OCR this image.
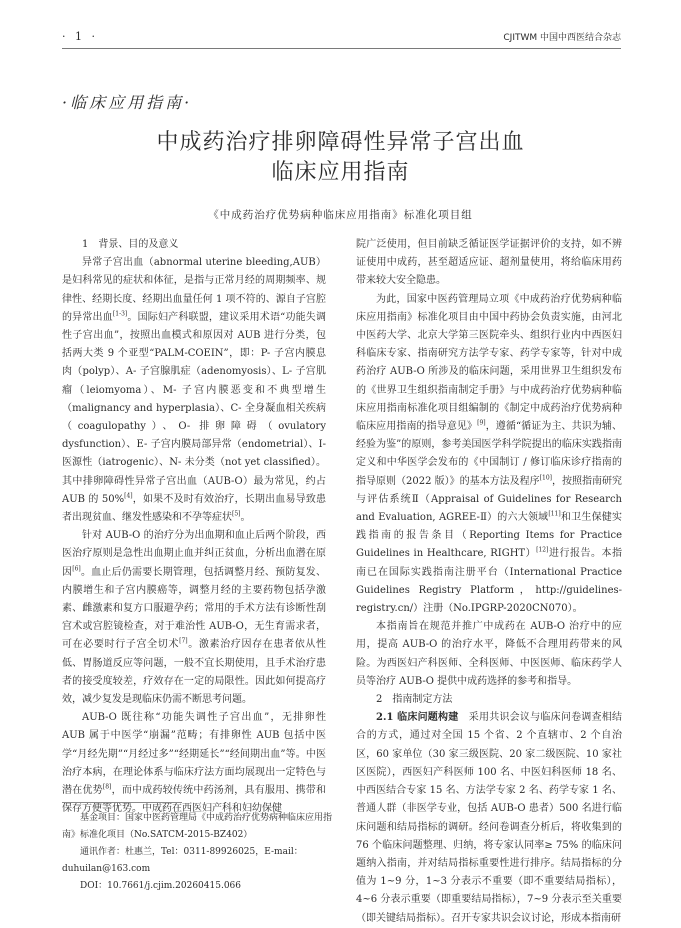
· 1 ·	CJITWM 中国中西医结合杂志
·临床应用指南·
中成药治疗排卵障碍性异常子宫出血
临床应用指南
《中成药治疗优势病种临床应用指南》标准化项目组

1　背景、目的及意义

异常子宫出血（abnormal uterine bleeding,AUB）是妇科常见的症状和体征，是指与正常月经的周期频率、规律性、经期长度、经期出血量任何 1 项不符的、源自子宫腔的异常出血[1-3]。国际妇产科联盟，建议采用术语“功能失调性子宫出血”，按照出血模式和原因对 AUB 进行分类，包括两大类 9 个亚型“PALM-COEIN”，即：P- 子宫内膜息肉（polyp）、A- 子宫腺肌症（adenomyosis）、L- 子宫肌瘤（leiomyoma）、M- 子宫内膜恶变和不典型增生（malignancy and hyperplasia）、C- 全身凝血相关疾病（coagulopathy）、O- 排卵障碍（ovulatory dysfunction）、E- 子宫内膜局部异常（endometrial）、I- 医源性（iatrogenic）、N- 未分类（not yet classified）。其中排卵障碍性异常子宫出血（AUB-O）最为常见，约占 AUB 的 50%[4]，如果不及时有效治疗，长期出血易导致患者出现贫血、继发性感染和不孕等症状[5]。

针对 AUB-O 的治疗分为出血期和血止后两个阶段，西医治疗原则是急性出血期止血并纠正贫血，分析出血潜在原因[6]。血止后仍需要长期管理，包括调整月经、预防复发、内膜增生和子宫内膜癌等，调整月经的主要药物包括孕激素、雌激素和复方口服避孕药；常用的手术方法有诊断性刮宫术或宫腔镜检查，对于难治性 AUB-O，无生育需求者，可在必要时行子宫全切术[7]。激素治疗因存在患者依从性低、胃肠道反应等问题，一般不宜长期使用，且手术治疗患者的接受度较差，疗效存在一定的局限性。因此如何提高疗效，减少复发是现临床仍需不断思考问题。

AUB-O 既往称“功能失调性子宫出血”，无排卵性 AUB 属于中医学“崩漏”范畴；有排卵性 AUB 包括中医学“月经先期”“月经过多”“经期延长”“经间期出血”等。中医治疗本病，在理论体系与临床疗法方面均展现出一定特色与潜在优势[8]，而中成药较传统中药汤剂，具有服用、携带和保存方便等优势。中成药在西医妇产科和妇幼保健

基金项目：国家中医药管理局《中成药治疗优势病种临床应用指南》标准化项目（No.SATCM-2015-BZ402）

通讯作者：杜惠兰，Tel：0311-89926025，E-mail：duhuilan@163.com

DOI：10.7661/j.cjim.20260415.066

院广泛使用，但目前缺乏循证医学证据评价的支持，如不辨证使用中成药，甚至超适应证、超剂量使用，将给临床用药带来较大安全隐患。

为此，国家中医药管理局立项《中成药治疗优势病种临床应用指南》标准化项目由中国中药协会负责实施，由河北中医药大学、北京大学第三医院牵头、组织行业内中西医妇科临床专家、指南研究方法学专家、药学专家等，针对中成药治疗 AUB-O 所涉及的临床问题，采用世界卫生组织发布的《世界卫生组织指南制定手册》与中成药治疗优势病种临床应用指南标准化项目组编制的《制定中成药治疗优势病种临床应用指南的指导意见》[9]，遵循“循证为主、共识为辅、经验为鉴”的原则，参考美国医学科学院提出的临床实践指南定义和中华医学会发布的《中国制订 / 修订临床诊疗指南的指导原则（2022 版）》的基本方法及程序[10]，按照指南研究与评估系统Ⅱ（Appraisal of Guidelines for Research and Evaluation, AGREE-Ⅱ）的六大领域[11]和卫生保健实践指南的报告条目（Reporting Items for Practice Guidelines in Healthcare, RIGHT）[12]进行报告。本指南已在国际实践指南注册平台（International Practice Guidelines Registry Platform，http://guidelines-registry.cn/）注册（No.IPGRP-2020CN070）。

本指南旨在规范并推广中成药在 AUB-O 治疗中的应用，提高 AUB-O 的治疗水平，降低不合理用药带来的风险。为西医妇产科医师、全科医师、中医医师、临床药学人员等治疗 AUB-O 提供中成药选择的参考和指导。

2　指南制定方法

2.1 临床问题构建　采用共识会议与临床问卷调查相结合的方式，通过对全国 15 个省、2 个直辖市、2 个自治区，60 家单位（30 家三级医院、20 家二级医院、10 家社区医院），西医妇产科医师 100 名、中医妇科医师 18 名、中西医结合专家 15 名、方法学专家 2 名、药学专家 1 名、普通人群（非医学专业，包括 AUB-O 患者）500 名进行临床问题和结局指标的调研。经问卷调查分析后，将收集到的 76 个临床问题整理、归纳，将专家认同率≥ 75% 的临床问题纳入指南，并对结局指标重要性进行排序。结局指标的分值为 1~9 分，1~3 分表示不重要（即不重要结局指标），4~6 分表示重要（即重要结局指标），7~9 分表示至关重要（即关键结局指标）。召开专家共识会议讨论，形成本指南研
